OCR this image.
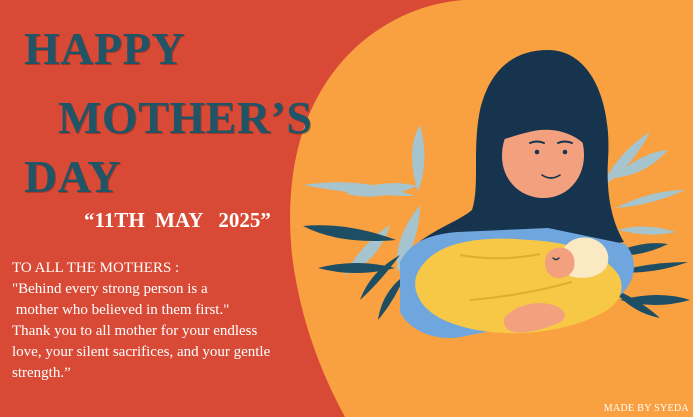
HAPPY
MOTHER’S
DAY
“11TH  MAY   2025”
TO ALL THE MOTHERS :
"Behind every strong person is a
mother who believed in them first."
Thank you to all mother for your endless
love, your silent sacrifices, and your gentle
strength.”
MADE BY SYEDA
